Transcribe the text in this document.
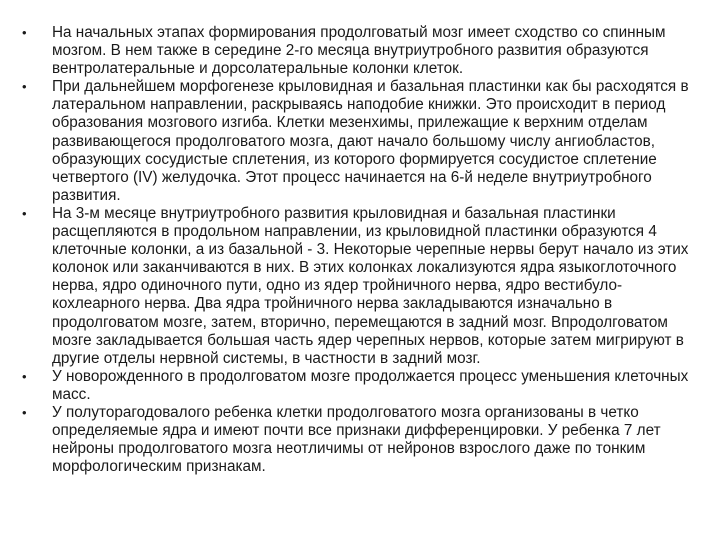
•	На начальных этапах формирования продолговатый мозг имеет сходство со спинным мозгом. В нем также в середине 2-го месяца внутриутробного развития образуются вентролатеральные и дорсолатеральные колонки клеток.
•	При дальнейшем морфогенезе крыловидная и базальная пластинки как бы расходятся в латеральном направлении, раскрываясь наподобие книжки. Это происходит в период образования мозгового изгиба. Клетки мезенхимы, прилежащие к верхним отделам развивающегося продолговатого мозга, дают начало большому числу ангиобластов, образующих сосудистые сплетения, из которого формируется сосудистое сплетение четвертого (IV) желудочка. Этот процесс начинается на 6-й неделе внутриутробного развития.
•	На 3-м месяце внутриутробного развития крыловидная и базальная пластинки расщепляются в продольном направлении, из крыловидной пластинки образуются 4 клеточные колонки, а из базальной - 3. Некоторые черепные нервы берут начало из этих колонок или заканчиваются в них. В этих колонках локализуются ядра языкоглоточного нерва, ядро одиночного пути, одно из ядер тройничного нерва, ядро вестибуло-кохлеарного нерва. Два ядра тройничного нерва закладываются изначально в продолговатом мозге, затем, вторично, перемещаются в задний мозг. Впродолговатом мозге закладывается большая часть ядер черепных нервов, которые затем мигрируют в другие отделы нервной системы, в частности в задний мозг.
•	У новорожденного в продолговатом мозге продолжается процесс уменьшения клеточных масс.
•	У полуторагодовалого ребенка клетки продолговатого мозга организованы в четко определяемые ядра и имеют почти все признаки дифференцировки. У ребенка 7 лет нейроны продолговатого мозга неотличимы от нейронов взрослого даже по тонким морфологическим признакам.
